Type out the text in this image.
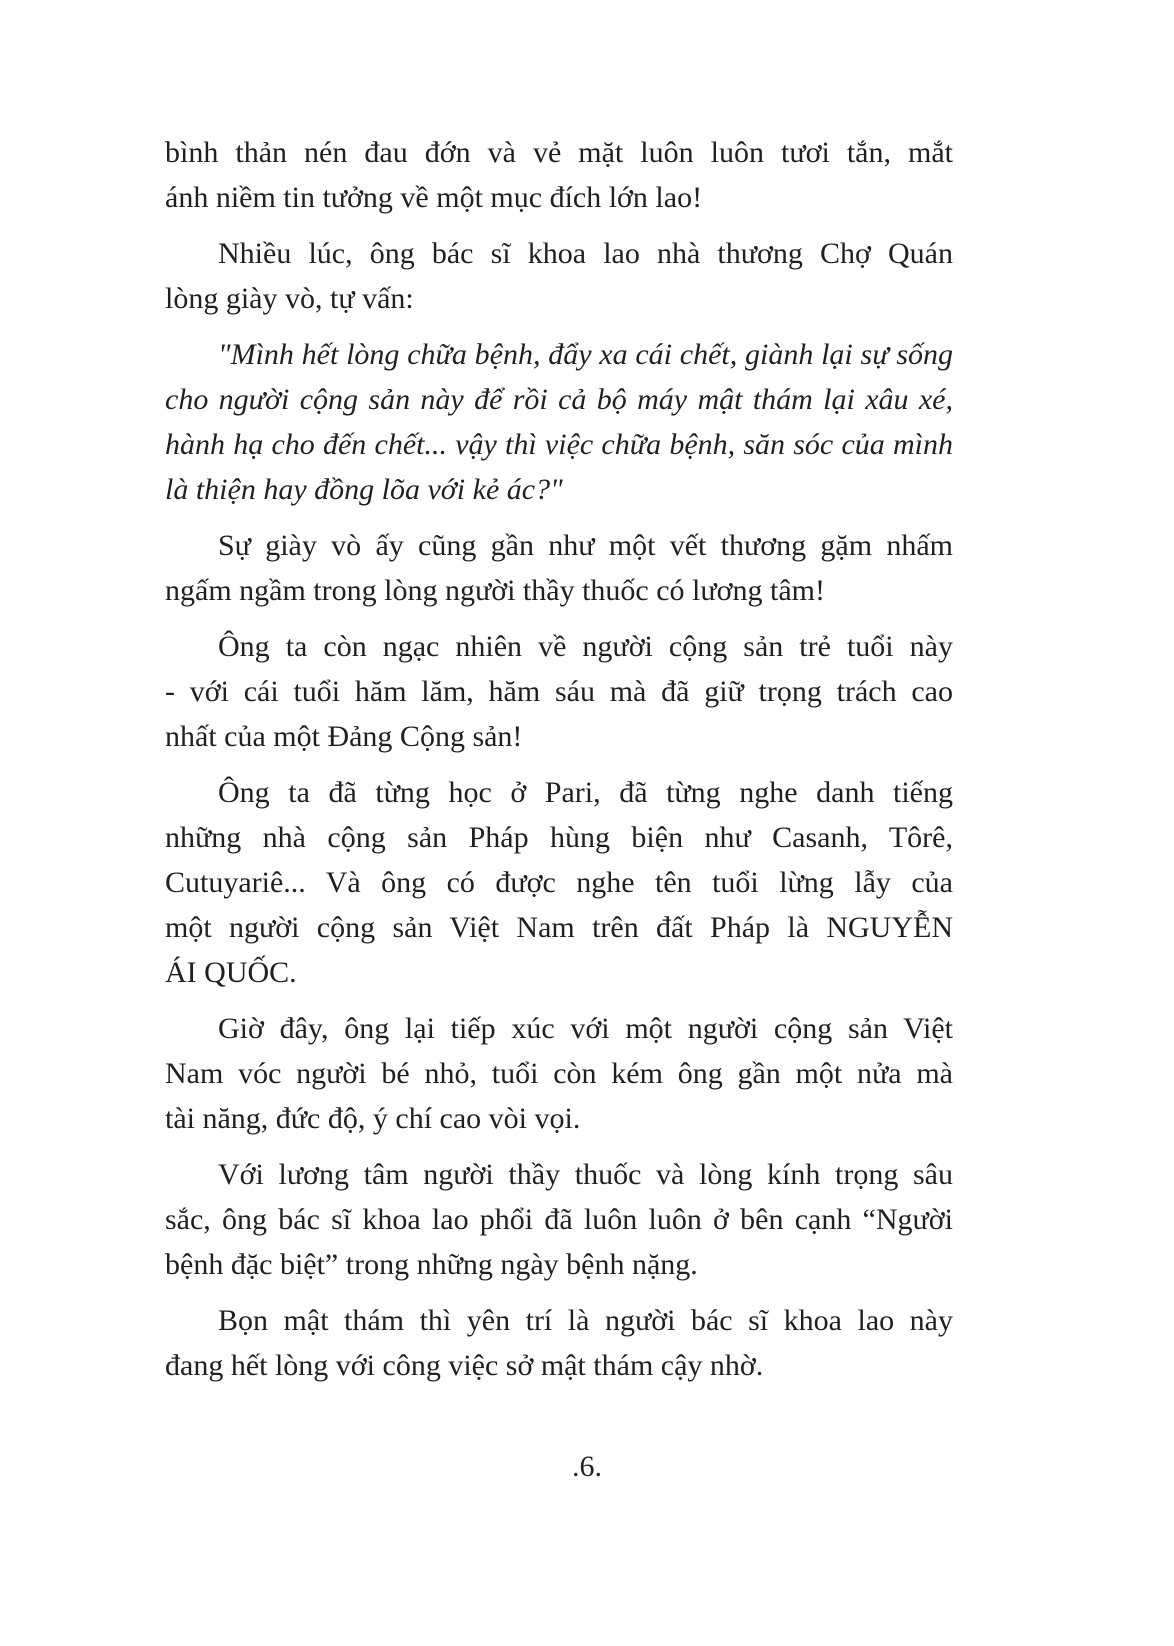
bình thản nén đau đớn và vẻ mặt luôn luôn tươi tắn, mắt
ánh niềm tin tưởng về một mục đích lớn lao!
Nhiều lúc, ông bác sĩ khoa lao nhà thương Chợ Quán
lòng giày vò, tự vấn:
"Mình hết lòng chữa bệnh, đẩy xa cái chết, giành lại sự sống
cho người cộng sản này để rồi cả bộ máy mật thám lại xâu xé,
hành hạ cho đến chết... vậy thì việc chữa bệnh, săn sóc của mình
là thiện hay đồng lõa với kẻ ác?"
Sự giày vò ấy cũng gần như một vết thương gặm nhấm
ngấm ngầm trong lòng người thầy thuốc có lương tâm!
Ông ta còn ngạc nhiên về người cộng sản trẻ tuổi này
- với cái tuổi hăm lăm, hăm sáu mà đã giữ trọng trách cao
nhất của một Đảng Cộng sản!
Ông ta đã từng học ở Pari, đã từng nghe danh tiếng
những nhà cộng sản Pháp hùng biện như Casanh, Tôrê,
Cutuyariê... Và ông có được nghe tên tuổi lừng lẫy của
một người cộng sản Việt Nam trên đất Pháp là NGUYỄN
ÁI QUỐC.
Giờ đây, ông lại tiếp xúc với một người cộng sản Việt
Nam vóc người bé nhỏ, tuổi còn kém ông gần một nửa mà
tài năng, đức độ, ý chí cao vòi vọi.
Với lương tâm người thầy thuốc và lòng kính trọng sâu
sắc, ông bác sĩ khoa lao phổi đã luôn luôn ở bên cạnh “Người
bệnh đặc biệt” trong những ngày bệnh nặng.
Bọn mật thám thì yên trí là người bác sĩ khoa lao này
đang hết lòng với công việc sở mật thám cậy nhờ.
.6.
